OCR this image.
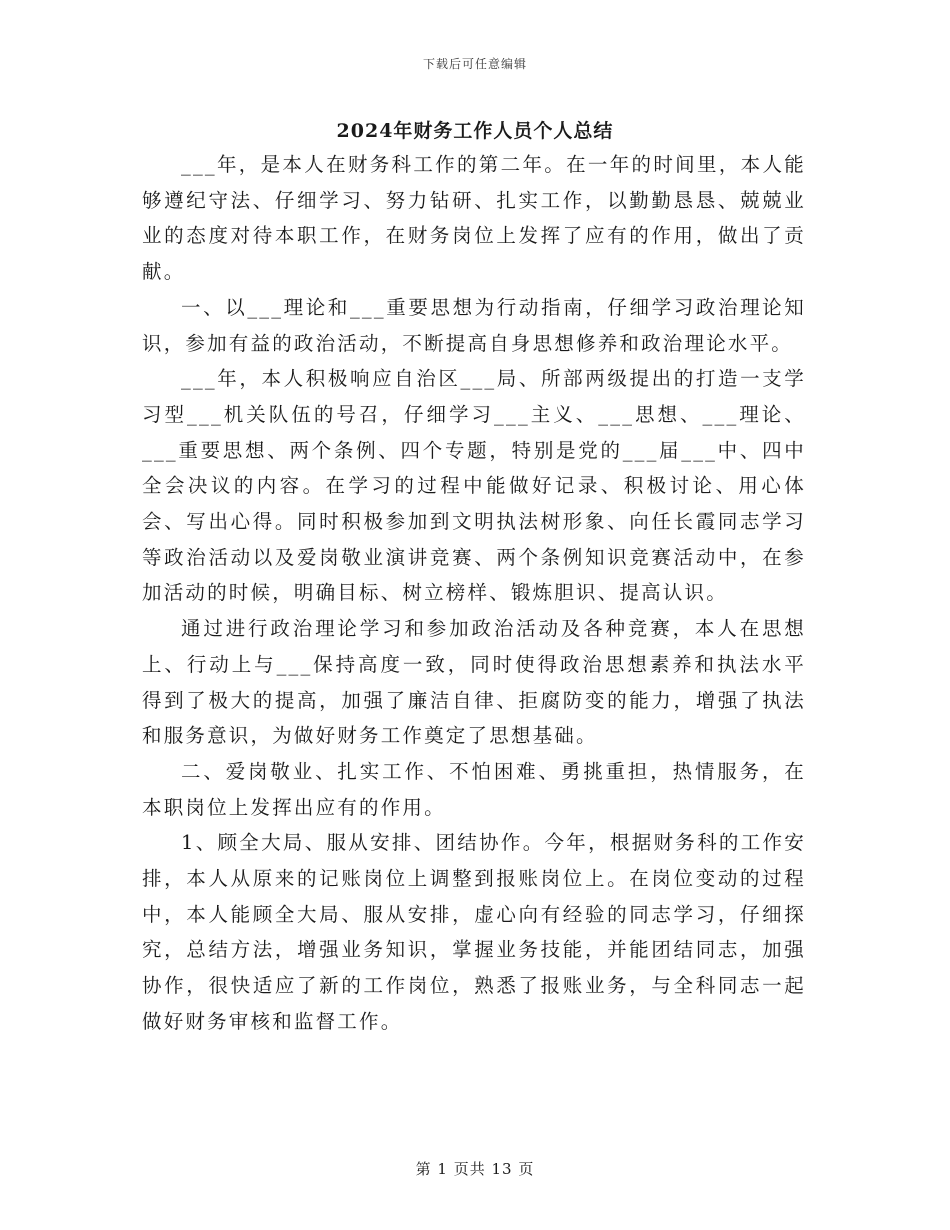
下载后可任意编辑
2024年财务工作人员个人总结

___年，是本人在财务科工作的第二年。在一年的时间里，本人能够遵纪守法、仔细学习、努力钻研、扎实工作，以勤勤恳恳、兢兢业业的态度对待本职工作，在财务岗位上发挥了应有的作用，做出了贡献。

一、以___理论和___重要思想为行动指南，仔细学习政治理论知识，参加有益的政治活动，不断提高自身思想修养和政治理论水平。

___年，本人积极响应自治区___局、所部两级提出的打造一支学习型___机关队伍的号召，仔细学习___主义、___思想、___理论、___重要思想、两个条例、四个专题，特别是党的___届___中、四中全会决议的内容。在学习的过程中能做好记录、积极讨论、用心体会、写出心得。同时积极参加到文明执法树形象、向任长霞同志学习等政治活动以及爱岗敬业演讲竞赛、两个条例知识竞赛活动中，在参加活动的时候，明确目标、树立榜样、锻炼胆识、提高认识。

通过进行政治理论学习和参加政治活动及各种竞赛，本人在思想上、行动上与___保持高度一致，同时使得政治思想素养和执法水平得到了极大的提高，加强了廉洁自律、拒腐防变的能力，增强了执法和服务意识，为做好财务工作奠定了思想基础。

二、爱岗敬业、扎实工作、不怕困难、勇挑重担，热情服务，在本职岗位上发挥出应有的作用。

1、顾全大局、服从安排、团结协作。今年，根据财务科的工作安排，本人从原来的记账岗位上调整到报账岗位上。在岗位变动的过程中，本人能顾全大局、服从安排，虚心向有经验的同志学习，仔细探究，总结方法，增强业务知识，掌握业务技能，并能团结同志，加强协作，很快适应了新的工作岗位，熟悉了报账业务，与全科同志一起做好财务审核和监督工作。

第 1 页共 13 页
